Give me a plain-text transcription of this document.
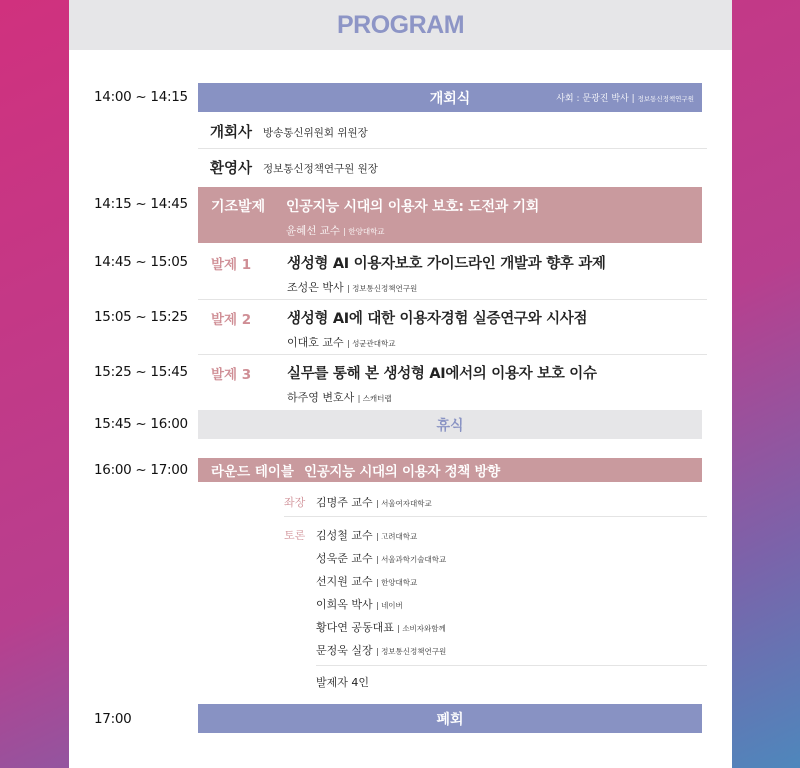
PROGRAM
14:00 ~ 14:15	개회식	사회 : 문광진 박사 | 정보통신정책연구원
개회사 방송통신위원회 위원장
환영사 정보통신정책연구원 원장
14:15 ~ 14:45 기조발제 인공지능 시대의 이용자 보호: 도전과 기회
윤혜선 교수 | 한양대학교
14:45 ~ 15:05 발제 1 생성형 AI 이용자보호 가이드라인 개발과 향후 과제
조성은 박사 | 정보통신정책연구원
15:05 ~ 15:25 발제 2 생성형 AI에 대한 이용자경험 실증연구와 시사점
이대호 교수 | 성균관대학교
15:25 ~ 15:45 발제 3 실무를 통해 본 생성형 AI에서의 이용자 보호 이슈
하주영 변호사 | 스캐터랩
15:45 ~ 16:00	휴식
16:00 ~ 17:00 라운드 테이블 인공지능 시대의 이용자 정책 방향
좌장 김명주 교수 | 서울여자대학교
토론 김성철 교수 | 고려대학교
성욱준 교수 | 서울과학기술대학교
선지원 교수 | 한양대학교
이희옥 박사 | 네이버
황다연 공동대표 | 소비자와함께
문정욱 실장 | 정보통신정책연구원
발제자 4인
17:00	폐회
